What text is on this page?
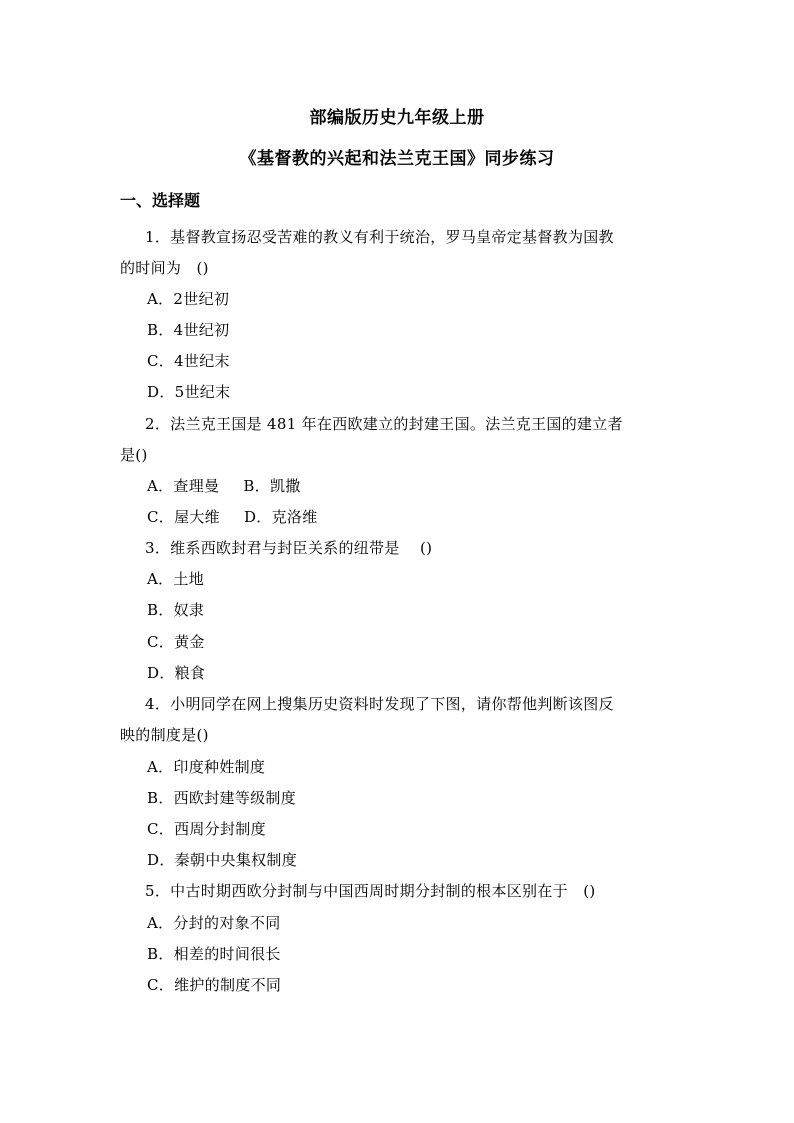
部编版历史九年级上册
《基督教的兴起和法兰克王国》同步练习
一、选择题
1．基督教宣扬忍受苦难的教义有利于统治，罗马皇帝定基督教为国教
的时间为　()
A．2世纪初
B．4世纪初
C．4世纪末
D．5世纪末
2．法兰克王国是 481 年在西欧建立的封建王国。法兰克王国的建立者
是()
A．查理曼 B．凯撒
C．屋大维 D．克洛维
3．维系西欧封君与封臣关系的纽带是　 ()
A．土地
B．奴隶
C．黄金
D．粮食
4．小明同学在网上搜集历史资料时发现了下图，请你帮他判断该图反
映的制度是()
A．印度种姓制度
B．西欧封建等级制度
C．西周分封制度
D．秦朝中央集权制度
5．中古时期西欧分封制与中国西周时期分封制的根本区别在于　()
A．分封的对象不同
B．相差的时间很长
C．维护的制度不同
